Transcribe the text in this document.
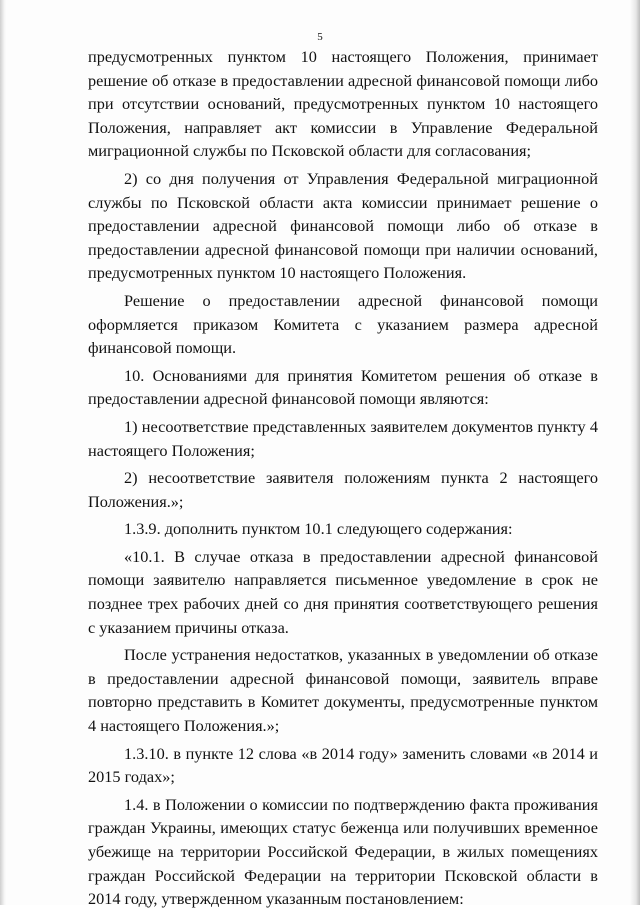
5

предусмотренных пунктом 10 настоящего Положения, принимает решение об отказе в предоставлении адресной финансовой помощи либо при отсутствии оснований, предусмотренных пунктом 10 настоящего Положения, направляет акт комиссии в Управление Федеральной миграционной службы по Псковской области для согласования;

2) со дня получения от Управления Федеральной миграционной службы по Псковской области акта комиссии принимает решение о предоставлении адресной финансовой помощи либо об отказе в предоставлении адресной финансовой помощи при наличии оснований, предусмотренных пунктом 10 настоящего Положения.

Решение о предоставлении адресной финансовой помощи оформляется приказом Комитета с указанием размера адресной финансовой помощи.

10. Основаниями для принятия Комитетом решения об отказе в предоставлении адресной финансовой помощи являются:

1) несоответствие представленных заявителем документов пункту 4 настоящего Положения;

2) несоответствие заявителя положениям пункта 2 настоящего Положения.»;

1.3.9. дополнить пунктом 10.1 следующего содержания:

«10.1. В случае отказа в предоставлении адресной финансовой помощи заявителю направляется письменное уведомление в срок не позднее трех рабочих дней со дня принятия соответствующего решения с указанием причины отказа.

После устранения недостатков, указанных в уведомлении об отказе в предоставлении адресной финансовой помощи, заявитель вправе повторно представить в Комитет документы, предусмотренные пунктом 4 настоящего Положения.»;

1.3.10. в пункте 12 слова «в 2014 году» заменить словами «в 2014 и 2015 годах»;

1.4. в Положении о комиссии по подтверждению факта проживания граждан Украины, имеющих статус беженца или получивших временное убежище на территории Российской Федерации, в жилых помещениях граждан Российской Федерации на территории Псковской области в 2014 году, утвержденном указанным постановлением:
